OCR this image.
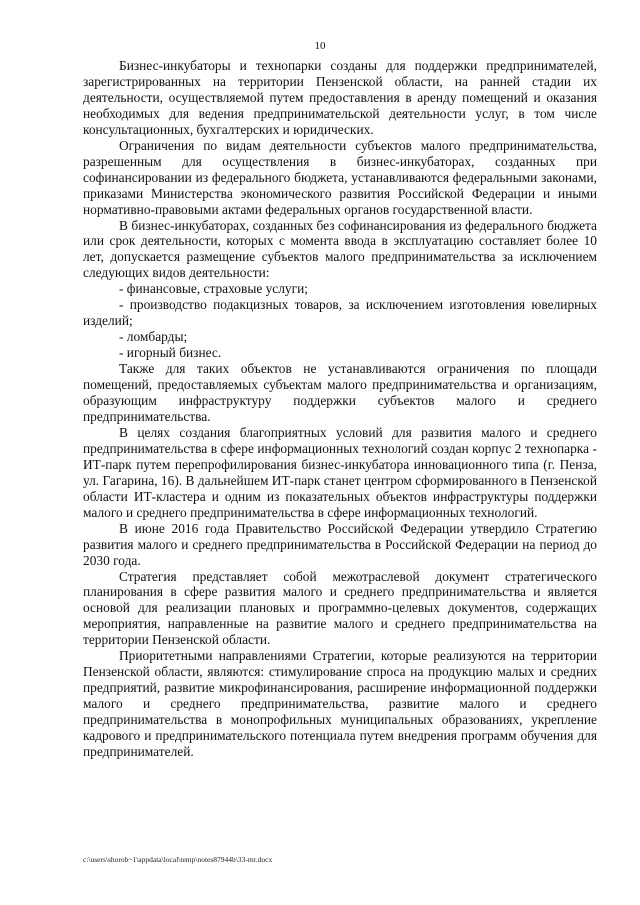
10

Бизнес-инкубаторы и технопарки созданы для поддержки предпринимателей, зарегистрированных на территории Пензенской области, на ранней стадии их деятельности, осуществляемой путем предоставления в аренду помещений и оказания необходимых для ведения предпринимательской деятельности услуг, в том числе консультационных, бухгалтерских и юридических.

Ограничения по видам деятельности субъектов малого предпринимательства, разрешенным для осуществления в бизнес-инкубаторах, созданных при софинансировании из федерального бюджета, устанавливаются федеральными законами, приказами Министерства экономического развития Российской Федерации и иными нормативно-правовыми актами федеральных органов государственной власти.

В бизнес-инкубаторах, созданных без софинансирования из федерального бюджета или срок деятельности, которых с момента ввода в эксплуатацию составляет более 10 лет, допускается размещение субъектов малого предпринимательства за исключением следующих видов деятельности:

- финансовые, страховые услуги;

- производство подакцизных товаров, за исключением изготовления ювелирных изделий;

- ломбарды;

- игорный бизнес.

Также для таких объектов не устанавливаются ограничения по площади помещений, предоставляемых субъектам малого предпринимательства и организациям, образующим инфраструктуру поддержки субъектов малого и среднего предпринимательства.

В целях создания благоприятных условий для развития малого и среднего предпринимательства в сфере информационных технологий создан корпус 2 технопарка - ИТ-парк путем перепрофилирования бизнес-инкубатора инновационного типа (г. Пенза, ул. Гагарина, 16). В дальнейшем ИТ-парк станет центром сформированного в Пензенской области ИТ-кластера и одним из показательных объектов инфраструктуры поддержки малого и среднего предпринимательства в сфере информационных технологий.

В июне 2016 года Правительство Российской Федерации утвердило Стратегию развития малого и среднего предпринимательства в Российской Федерации на период до 2030 года.

Стратегия представляет собой межотраслевой документ стратегического планирования в сфере развития малого и среднего предпринимательства и является основой для реализации плановых и программно-целевых документов, содержащих мероприятия, направленные на развитие малого и среднего предпринимательства на территории Пензенской области.

Приоритетными направлениями Стратегии, которые реализуются на территории Пензенской области, являются: стимулирование спроса на продукцию малых и средних предприятий, развитие микрофинансирования, расширение информационной поддержки малого и среднего предпринимательства, развитие малого и среднего предпринимательства в монопрофильных муниципальных образованиях, укрепление кадрового и предпринимательского потенциала путем внедрения программ обучения для предпринимателей.

c:\users\shorob~1\appdata\local\temp\notes87944b\33-mr.docx
